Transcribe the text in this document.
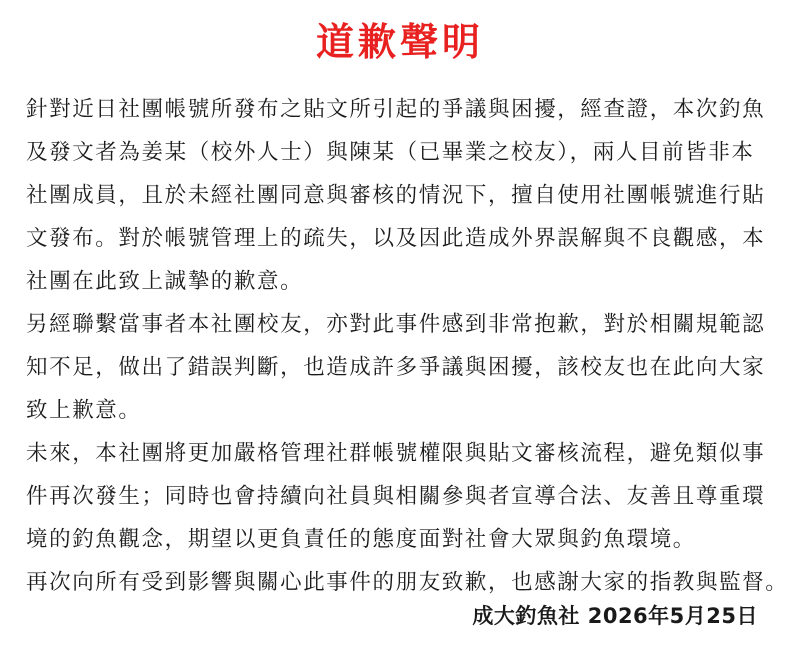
道歉聲明
針對近日社團帳號所發布之貼文所引起的爭議與困擾，經查證，本次釣魚
及發文者為姜某（校外人士）與陳某（已畢業之校友），兩人目前皆非本
社團成員，且於未經社團同意與審核的情況下，擅自使用社團帳號進行貼
文發布。對於帳號管理上的疏失，以及因此造成外界誤解與不良觀感，本
社團在此致上誠摯的歉意。
另經聯繫當事者本社團校友，亦對此事件感到非常抱歉，對於相關規範認
知不足，做出了錯誤判斷，也造成許多爭議與困擾，該校友也在此向大家
致上歉意。
未來，本社團將更加嚴格管理社群帳號權限與貼文審核流程，避免類似事
件再次發生；同時也會持續向社員與相關參與者宣導合法、友善且尊重環
境的釣魚觀念，期望以更負責任的態度面對社會大眾與釣魚環境。
再次向所有受到影響與關心此事件的朋友致歉，也感謝大家的指教與監督。
成大釣魚社 2026年5月25日
